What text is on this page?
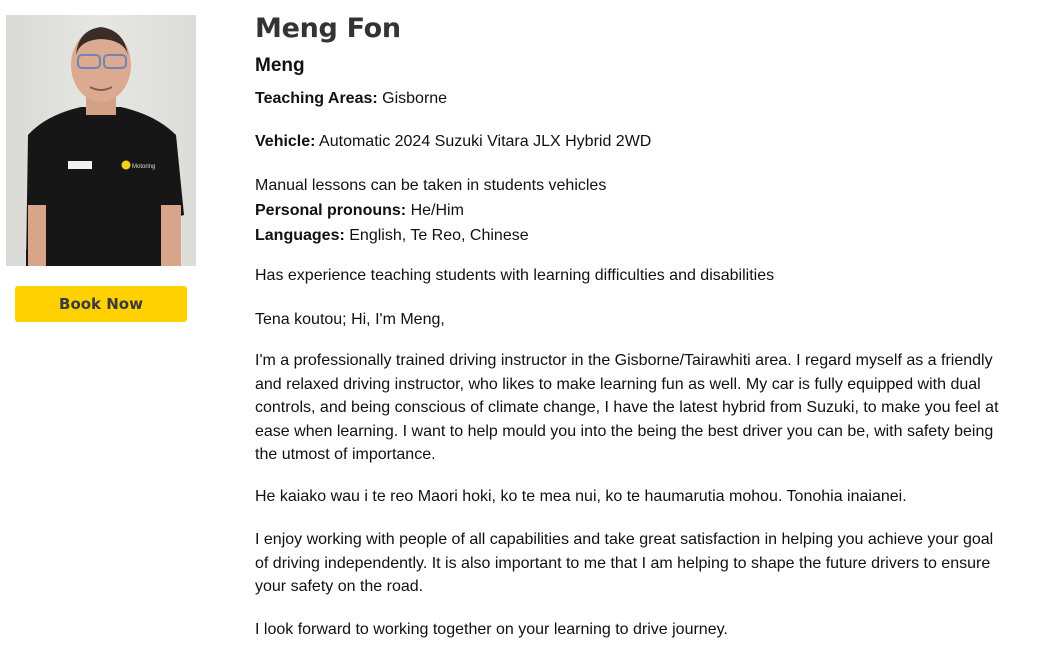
Motoring
Book Now
Meng Fon
Meng
Teaching Areas: Gisborne
Vehicle: Automatic 2024 Suzuki Vitara JLX Hybrid 2WD
Manual lessons can be taken in students vehicles
Personal pronouns: He/Him
Languages: English, Te Reo, Chinese
Has experience teaching students with learning difficulties and disabilities
Tena koutou; Hi, I'm Meng,
I'm a professionally trained driving instructor in the Gisborne/Tairawhiti area. I regard myself as a friendly
and relaxed driving instructor, who likes to make learning fun as well. My car is fully equipped with dual
controls, and being conscious of climate change, I have the latest hybrid from Suzuki, to make you feel at
ease when learning. I want to help mould you into the being the best driver you can be, with safety being
the utmost of importance.
He kaiako wau i te reo Maori hoki, ko te mea nui, ko te haumarutia mohou. Tonohia inaianei.
I enjoy working with people of all capabilities and take great satisfaction in helping you achieve your goal
of driving independently. It is also important to me that I am helping to shape the future drivers to ensure
your safety on the road.
I look forward to working together on your learning to drive journey.
